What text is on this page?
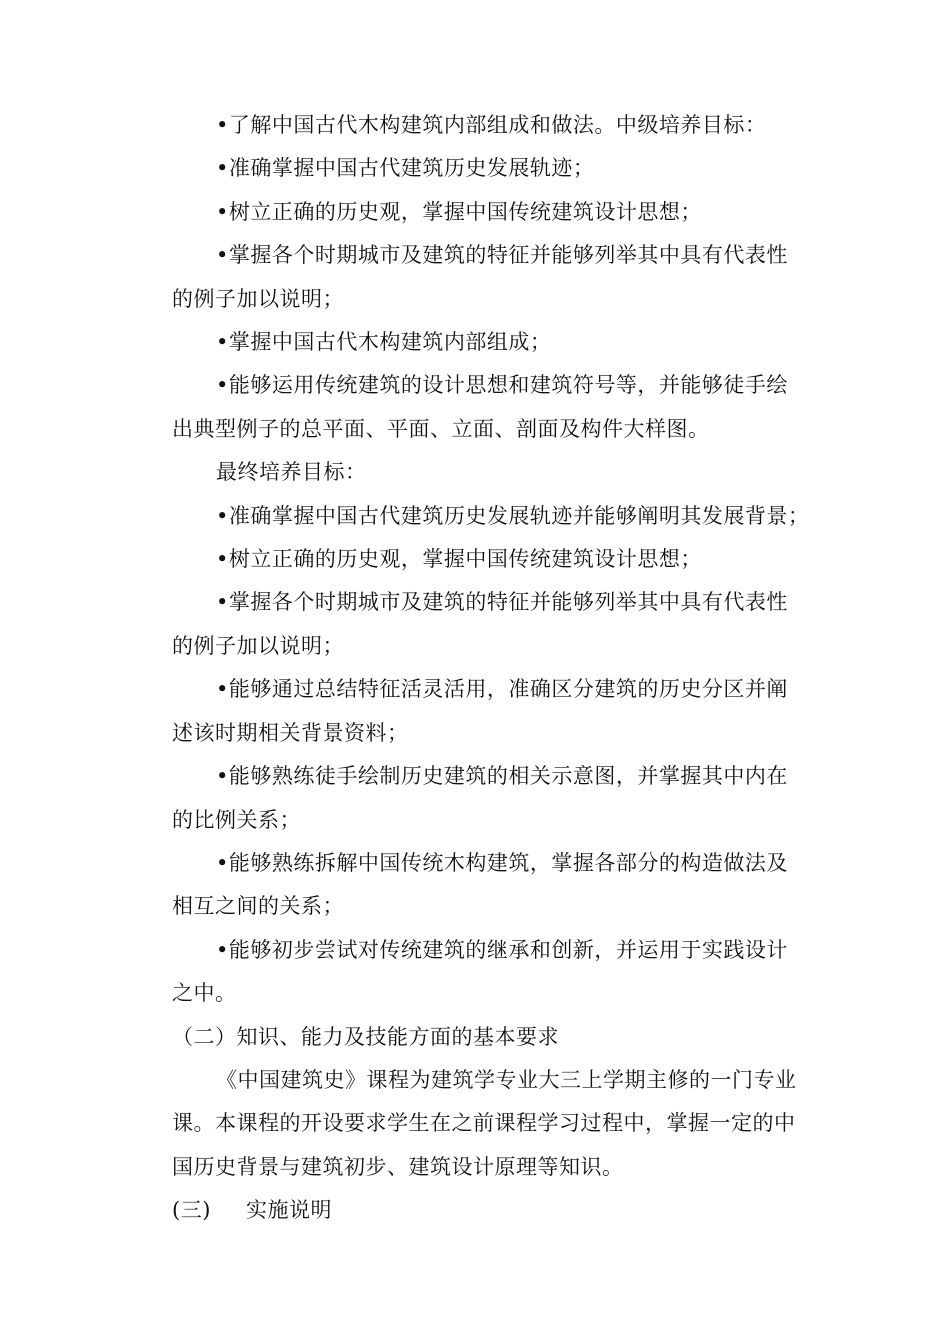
•了解中国古代木构建筑内部组成和做法。中级培养目标：

•准确掌握中国古代建筑历史发展轨迹；

•树立正确的历史观，掌握中国传统建筑设计思想；

•掌握各个时期城市及建筑的特征并能够列举其中具有代表性

的例子加以说明；

•掌握中国古代木构建筑内部组成；

•能够运用传统建筑的设计思想和建筑符号等，并能够徒手绘

出典型例子的总平面、平面、立面、剖面及构件大样图。

最终培养目标：

•准确掌握中国古代建筑历史发展轨迹并能够阐明其发展背景；

•树立正确的历史观，掌握中国传统建筑设计思想；

•掌握各个时期城市及建筑的特征并能够列举其中具有代表性

的例子加以说明；

•能够通过总结特征活灵活用，准确区分建筑的历史分区并阐

述该时期相关背景资料；

•能够熟练徒手绘制历史建筑的相关示意图，并掌握其中内在

的比例关系；

•能够熟练拆解中国传统木构建筑，掌握各部分的构造做法及

相互之间的关系；

•能够初步尝试对传统建筑的继承和创新，并运用于实践设计

之中。

（二）知识、能力及技能方面的基本要求

《中国建筑史》课程为建筑学专业大三上学期主修的一门专业

课。本课程的开设要求学生在之前课程学习过程中，掌握一定的中

国历史背景与建筑初步、建筑设计原理等知识。

(三) 实施说明
